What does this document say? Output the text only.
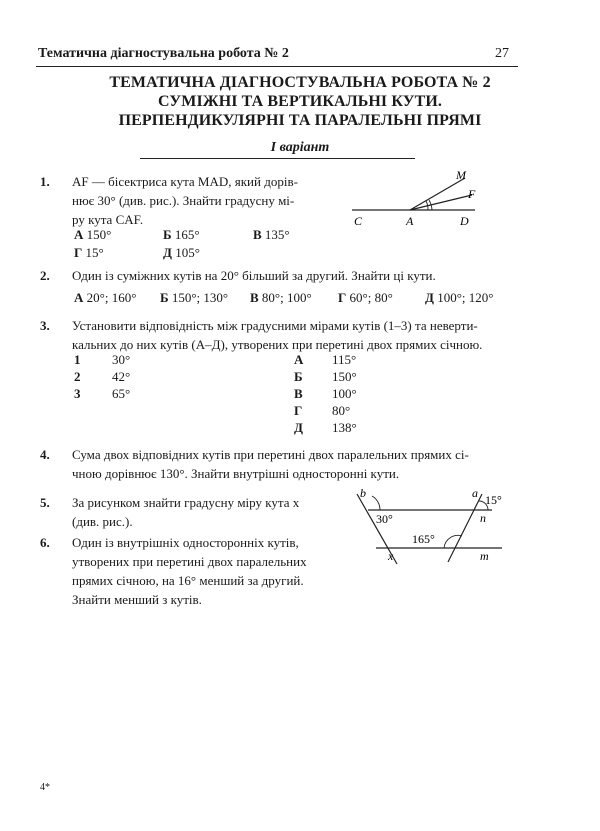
Тематична діагностувальна робота № 2	27
ТЕМАТИЧНА ДІАГНОСТУВАЛЬНА РОБОТА № 2
СУМІЖНІ ТА ВЕРТИКАЛЬНІ КУТИ.
ПЕРПЕНДИКУЛЯРНІ ТА ПАРАЛЕЛЬНІ ПРЯМІ
I варіант
1. AF — бісектриса кута MAD, який дорів-
нює 30° (див. рис.). Знайти градусну мі-
ру кута CAF.
А 150°	Б 165°	В 135°
Г 15°	Д 105°
M
F
C	A	D
2. Один із суміжних кутів на 20° більший за другий. Знайти ці кути.
А 20°; 160° Б 150°; 130° В 80°; 100° Г 60°; 80° Д 100°; 120°
3. Установити відповідність між градусними мірами кутів (1–3) та неверти-
кальних до них кутів (А–Д), утворених при перетині двох прямих січною.
1 30°
2 42°
3 65°
А 115°
Б 150°
В 100°
Г 80°
Д 138°
4. Сума двох відповідних кутів при перетині двох паралельних прямих сі-
чною дорівнює 130°. Знайти внутрішні односторонні кути.
5. За рисунком знайти градусну міру кута x
(див. рис.).
6. Один із внутрішніх односторонніх кутів,
утворених при перетині двох паралельних
прямих січною, на 16° менший за другий.
Знайти менший з кутів.
b	a 15°
30°	n
165°
x	m
4*
